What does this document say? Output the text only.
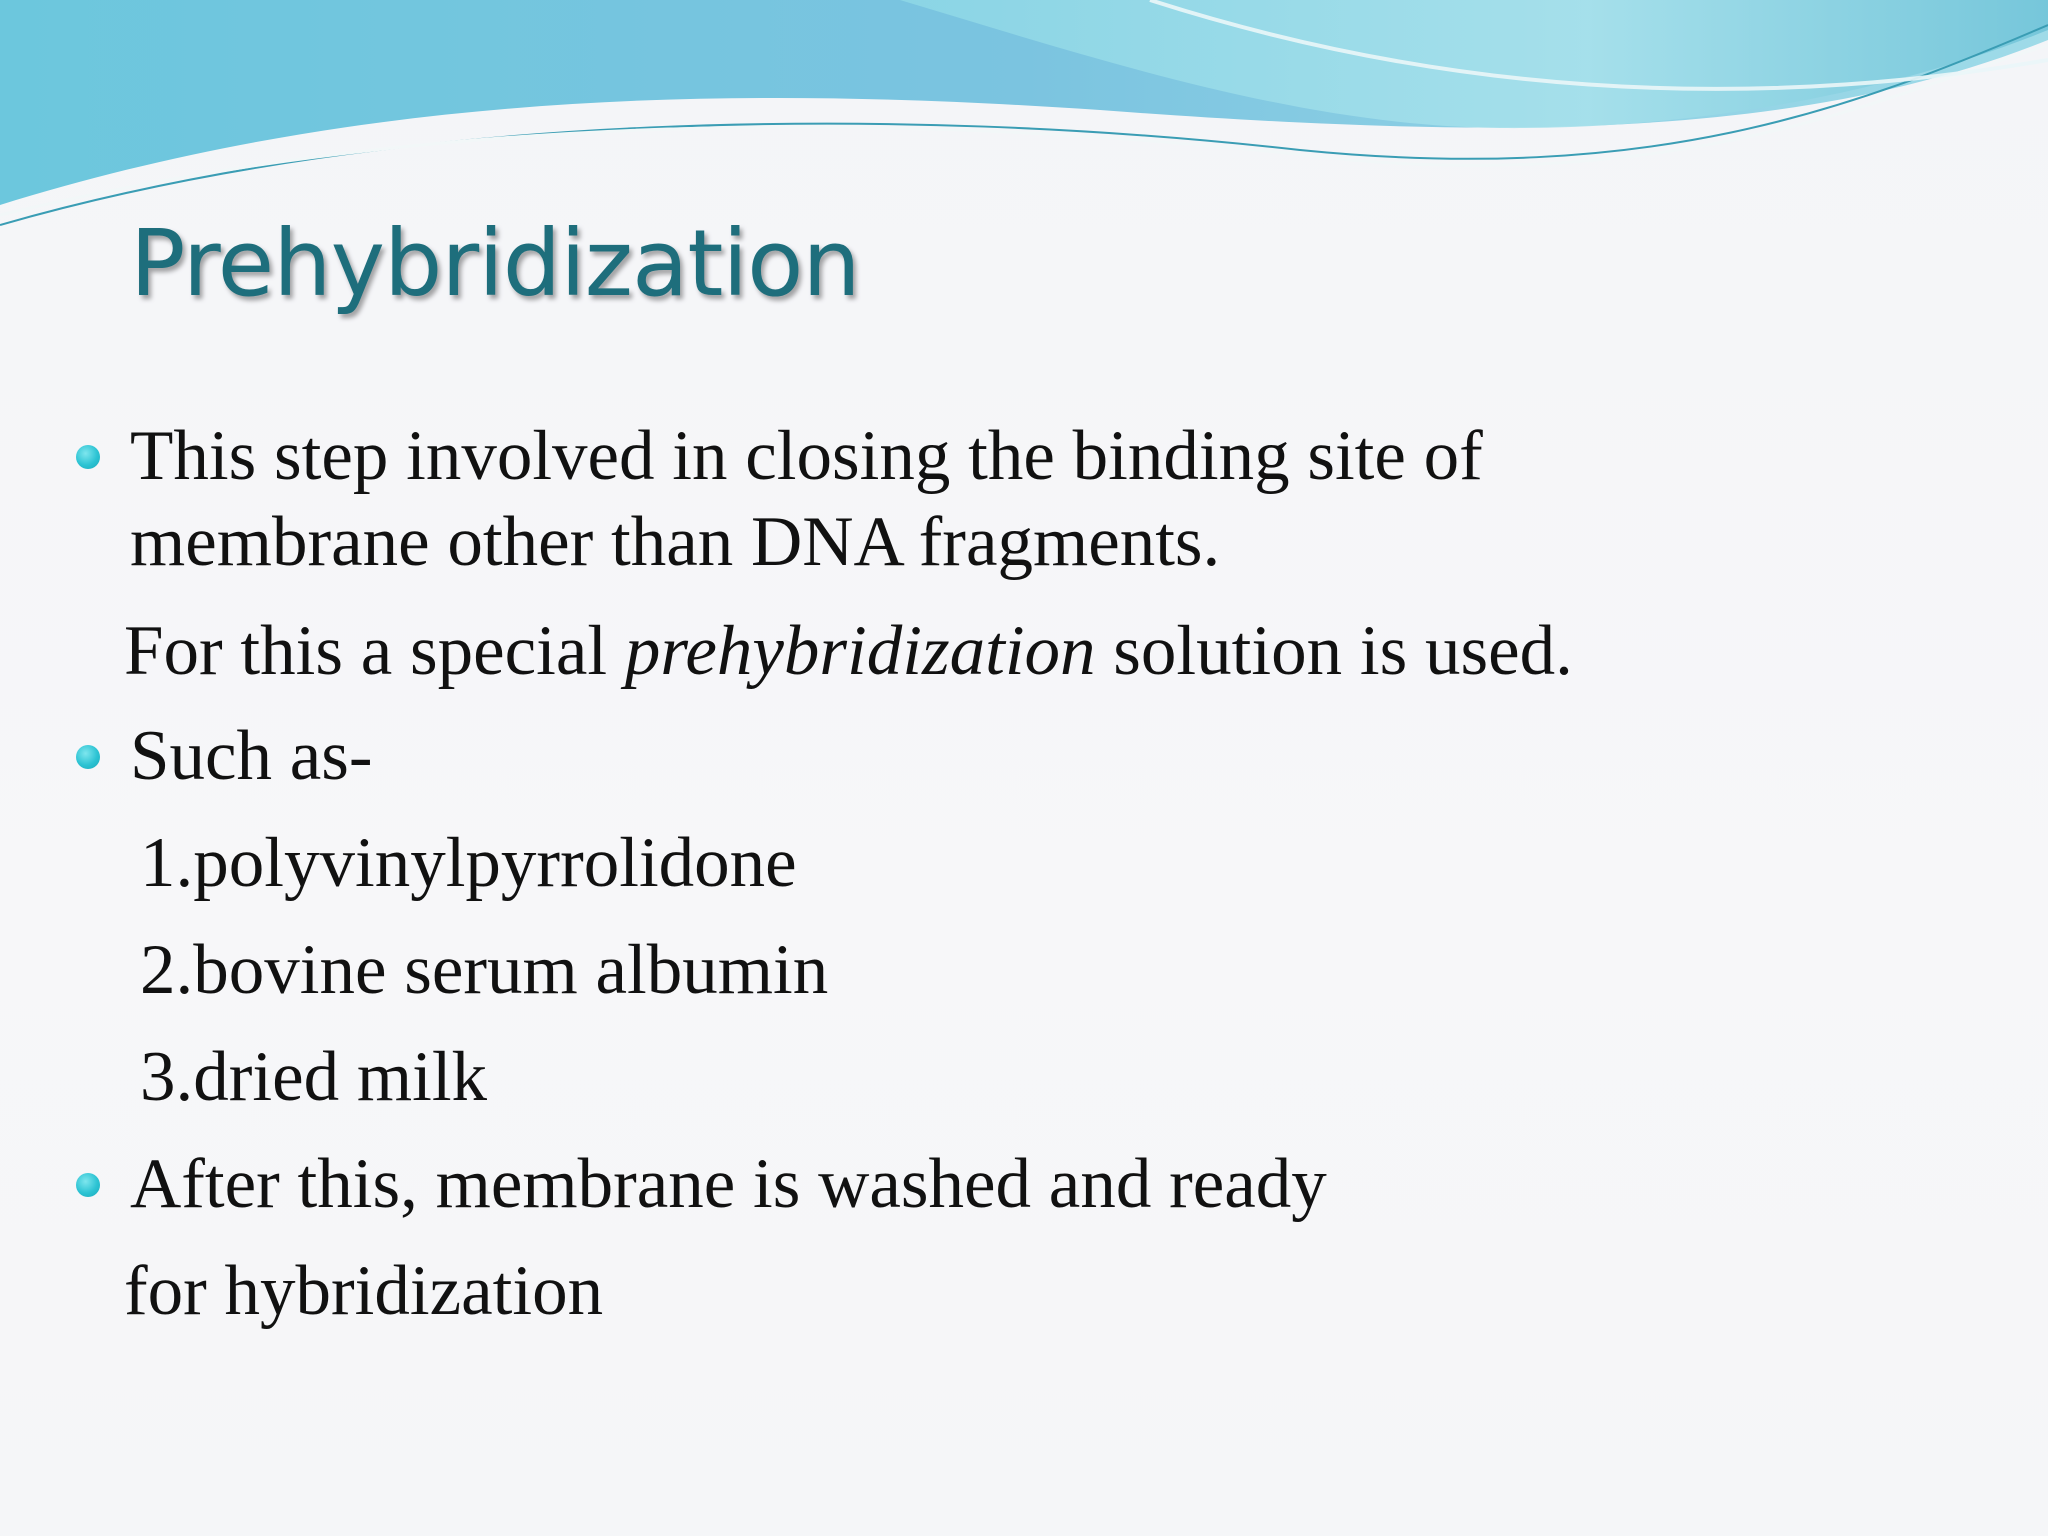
Prehybridization

This step involved in closing the binding site of

membrane other than DNA fragments.

For this a special prehybridization solution is used.

Such as-

1.polyvinylpyrrolidone

2.bovine serum albumin

3.dried milk

After this, membrane is washed and ready

for hybridization
